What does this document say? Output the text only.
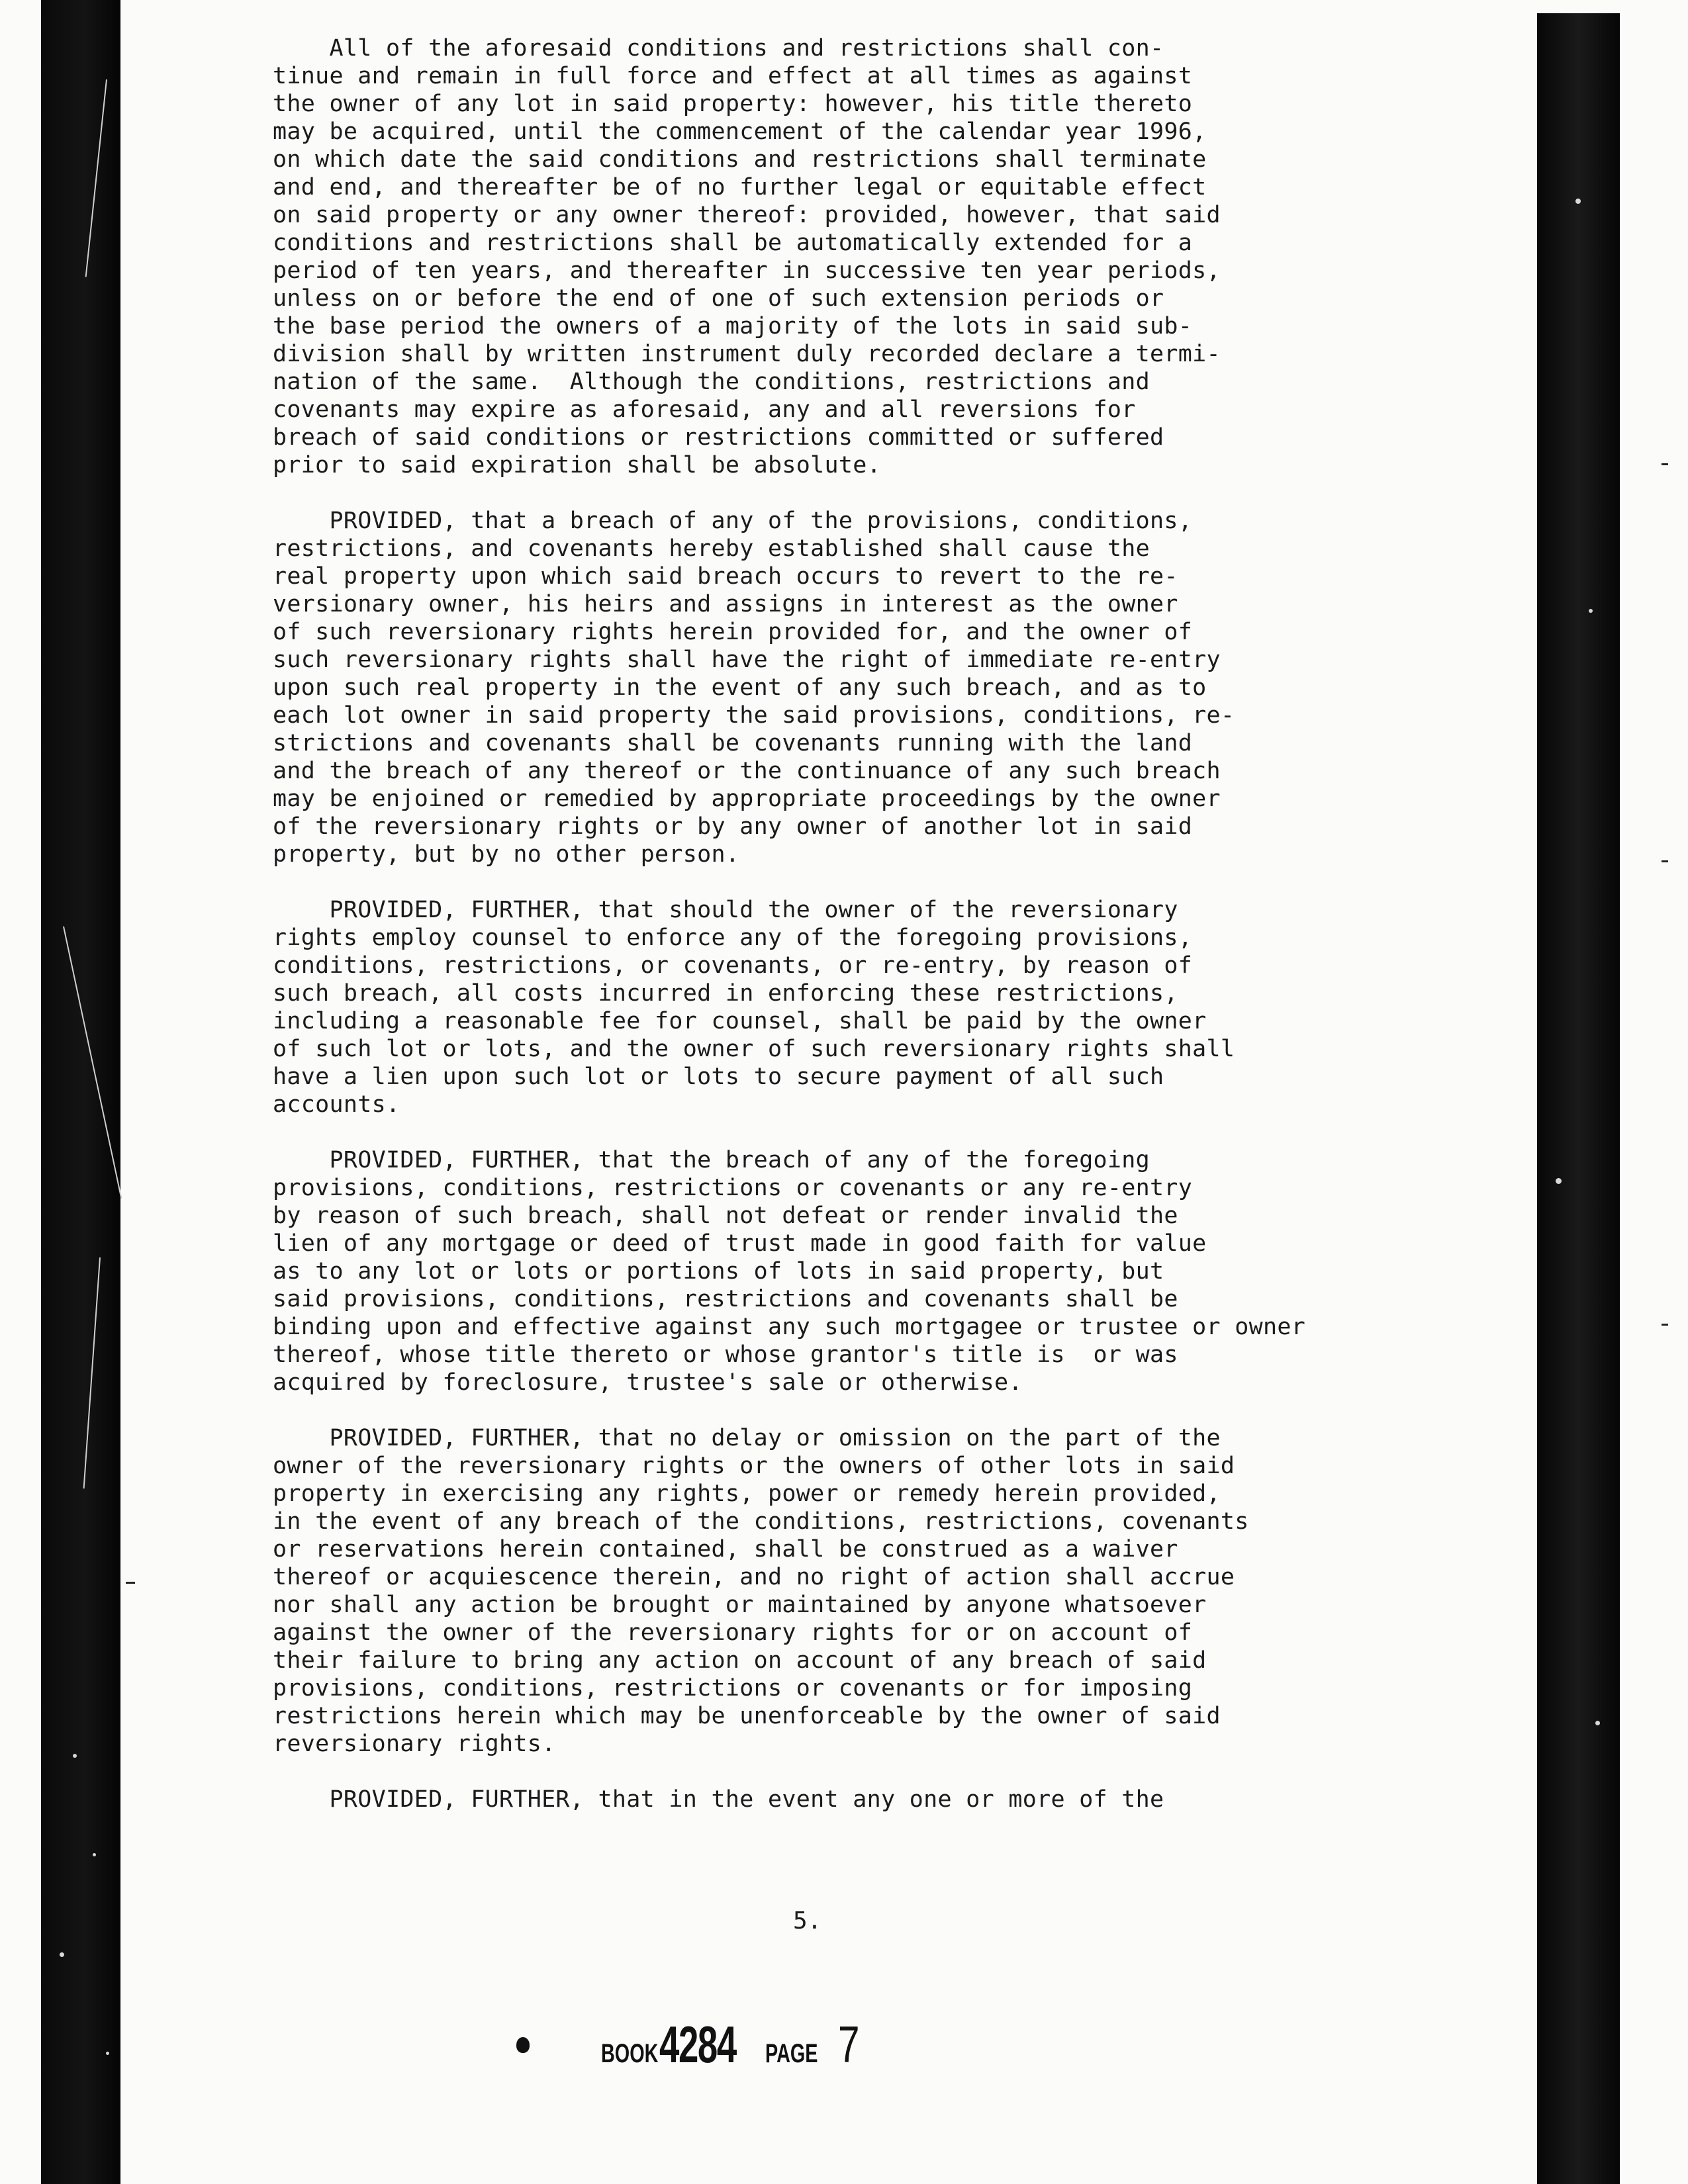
All of the aforesaid conditions and restrictions shall con-
tinue and remain in full force and effect at all times as against
the owner of any lot in said property: however, his title thereto
may be acquired, until the commencement of the calendar year 1996,
on which date the said conditions and restrictions shall terminate
and end, and thereafter be of no further legal or equitable effect
on said property or any owner thereof: provided, however, that said
conditions and restrictions shall be automatically extended for a
period of ten years, and thereafter in successive ten year periods,
unless on or before the end of one of such extension periods or
the base period the owners of a majority of the lots in said sub-
division shall by written instrument duly recorded declare a termi-
nation of the same.  Although the conditions, restrictions and
covenants may expire as aforesaid, any and all reversions for
breach of said conditions or restrictions committed or suffered
prior to said expiration shall be absolute.
PROVIDED, that a breach of any of the provisions, conditions,
restrictions, and covenants hereby established shall cause the
real property upon which said breach occurs to revert to the re-
versionary owner, his heirs and assigns in interest as the owner
of such reversionary rights herein provided for, and the owner of
such reversionary rights shall have the right of immediate re-entry
upon such real property in the event of any such breach, and as to
each lot owner in said property the said provisions, conditions, re-
strictions and covenants shall be covenants running with the land
and the breach of any thereof or the continuance of any such breach
may be enjoined or remedied by appropriate proceedings by the owner
of the reversionary rights or by any owner of another lot in said
property, but by no other person.
PROVIDED, FURTHER, that should the owner of the reversionary
rights employ counsel to enforce any of the foregoing provisions,
conditions, restrictions, or covenants, or re-entry, by reason of
such breach, all costs incurred in enforcing these restrictions,
including a reasonable fee for counsel, shall be paid by the owner
of such lot or lots, and the owner of such reversionary rights shall
have a lien upon such lot or lots to secure payment of all such
accounts.
PROVIDED, FURTHER, that the breach of any of the foregoing
provisions, conditions, restrictions or covenants or any re-entry
by reason of such breach, shall not defeat or render invalid the
lien of any mortgage or deed of trust made in good faith for value
as to any lot or lots or portions of lots in said property, but
said provisions, conditions, restrictions and covenants shall be
binding upon and effective against any such mortgagee or trustee or owner
thereof, whose title thereto or whose grantor's title is  or was
acquired by foreclosure, trustee's sale or otherwise.
PROVIDED, FURTHER, that no delay or omission on the part of the
owner of the reversionary rights or the owners of other lots in said
property in exercising any rights, power or remedy herein provided,
in the event of any breach of the conditions, restrictions, covenants
or reservations herein contained, shall be construed as a waiver
thereof or acquiescence therein, and no right of action shall accrue
nor shall any action be brought or maintained by anyone whatsoever
against the owner of the reversionary rights for or on account of
their failure to bring any action on account of any breach of said
provisions, conditions, restrictions or covenants or for imposing
restrictions herein which may be unenforceable by the owner of said
reversionary rights.
PROVIDED, FURTHER, that in the event any one or more of the
5.
BOOK 4284 PAGE 7
